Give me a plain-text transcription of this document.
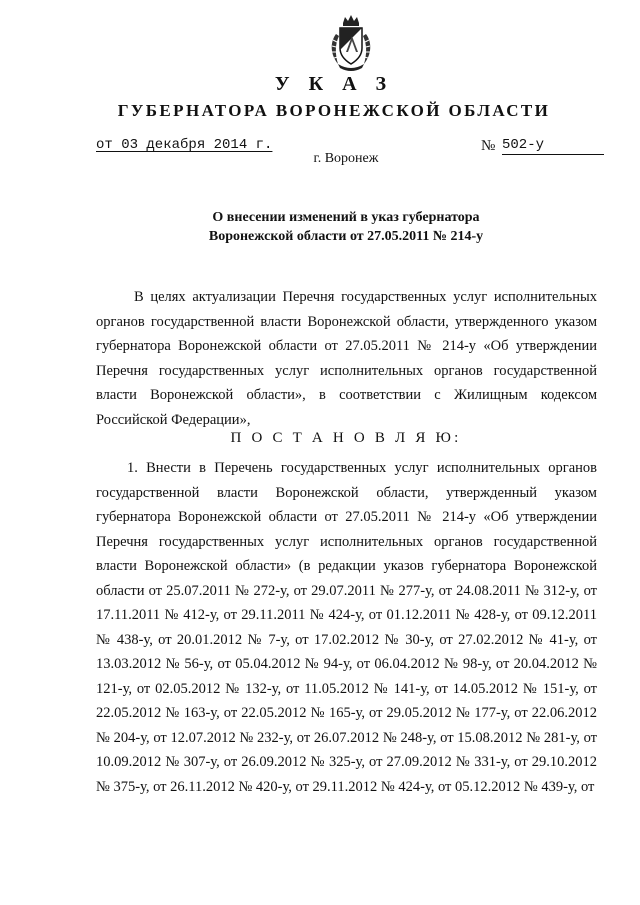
У К А З
ГУБЕРНАТОРА ВОРОНЕЖСКОЙ ОБЛАСТИ
от 03 декабря 2014 г.	№ 502-у
г. Воронеж
О внесении изменений в указ губернатора
Воронежской области от 27.05.2011 № 214-у

В целях актуализации Перечня государственных услуг исполнительных органов государственной власти Воронежской области, утвержденного указом губернатора Воронежской области от 27.05.2011 № 214-у «Об утверждении Перечня государственных услуг исполнительных органов государственной власти Воронежской области», в соответствии с Жилищным кодексом Российской Федерации»,

П О С Т А Н О В Л Я Ю:

1. Внести в Перечень государственных услуг исполнительных органов государственной власти Воронежской области, утвержденный указом губернатора Воронежской области от 27.05.2011 № 214-у «Об утверждении Перечня государственных услуг исполнительных органов государственной власти Воронежской области» (в редакции указов губернатора Воронежской области от 25.07.2011 № 272-у, от 29.07.2011 № 277-у, от 24.08.2011 № 312-у, от 17.11.2011 № 412-у, от 29.11.2011 № 424-у, от 01.12.2011 № 428-у, от 09.12.2011 № 438-у, от 20.01.2012 № 7-у, от 17.02.2012 № 30-у, от 27.02.2012 № 41-у, от 13.03.2012 № 56-у, от 05.04.2012 № 94-у, от 06.04.2012 № 98-у, от 20.04.2012 № 121-у, от 02.05.2012 № 132-у, от 11.05.2012 № 141-у, от 14.05.2012 № 151-у, от 22.05.2012 № 163-у, от 22.05.2012 № 165-у, от 29.05.2012 № 177-у, от 22.06.2012 № 204-у, от 12.07.2012 № 232-у, от 26.07.2012 № 248-у, от 15.08.2012 № 281-у, от 10.09.2012 № 307-у, от 26.09.2012 № 325-у, от 27.09.2012 № 331-у, от 29.10.2012 № 375-у, от 26.11.2012 № 420-у, от 29.11.2012 № 424-у, от 05.12.2012 № 439-у, от
